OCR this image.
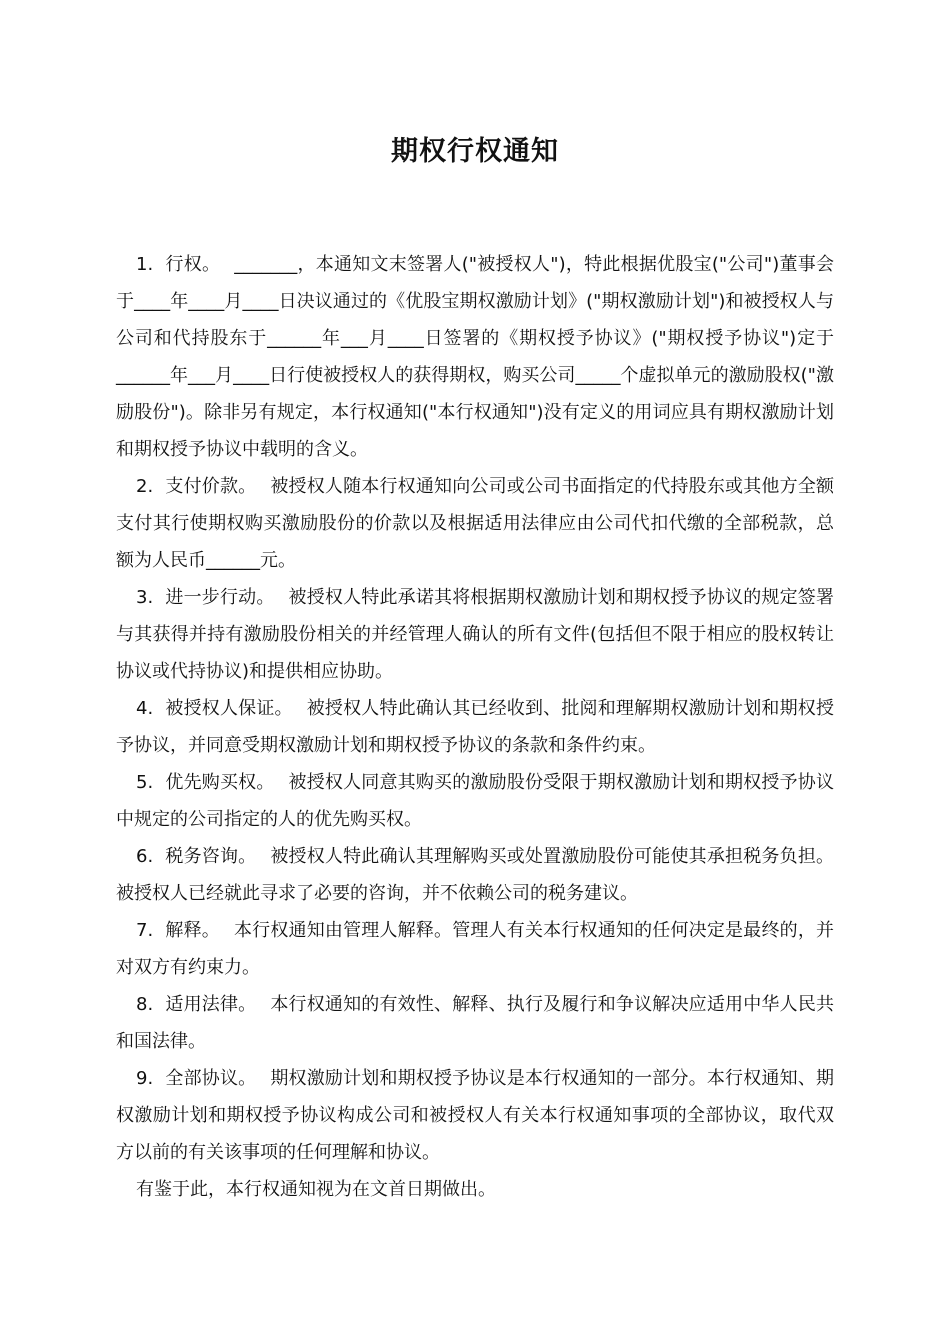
期权行权通知

1. 行权。 _______，本通知文末签署人("被授权人")，特此根据优股宝("公司")董事会于____年____月____日决议通过的《优股宝期权激励计划》("期权激励计划")和被授权人与公司和代持股东于______年___月____日签署的《期权授予协议》("期权授予协议")定于______年___月____日行使被授权人的获得期权，购买公司_____个虚拟单元的激励股权("激励股份")。除非另有规定，本行权通知("本行权通知")没有定义的用词应具有期权激励计划和期权授予协议中载明的含义。

2. 支付价款。 被授权人随本行权通知向公司或公司书面指定的代持股东或其他方全额支付其行使期权购买激励股份的价款以及根据适用法律应由公司代扣代缴的全部税款，总额为人民币______元。

3. 进一步行动。 被授权人特此承诺其将根据期权激励计划和期权授予协议的规定签署与其获得并持有激励股份相关的并经管理人确认的所有文件(包括但不限于相应的股权转让协议或代持协议)和提供相应协助。

4. 被授权人保证。 被授权人特此确认其已经收到、批阅和理解期权激励计划和期权授予协议，并同意受期权激励计划和期权授予协议的条款和条件约束。

5. 优先购买权。 被授权人同意其购买的激励股份受限于期权激励计划和期权授予协议中规定的公司指定的人的优先购买权。

6. 税务咨询。 被授权人特此确认其理解购买或处置激励股份可能使其承担税务负担。被授权人已经就此寻求了必要的咨询，并不依赖公司的税务建议。

7. 解释。 本行权通知由管理人解释。管理人有关本行权通知的任何决定是最终的，并对双方有约束力。

8. 适用法律。 本行权通知的有效性、解释、执行及履行和争议解决应适用中华人民共和国法律。

9. 全部协议。 期权激励计划和期权授予协议是本行权通知的一部分。本行权通知、期权激励计划和期权授予协议构成公司和被授权人有关本行权通知事项的全部协议，取代双方以前的有关该事项的任何理解和协议。

有鉴于此，本行权通知视为在文首日期做出。
